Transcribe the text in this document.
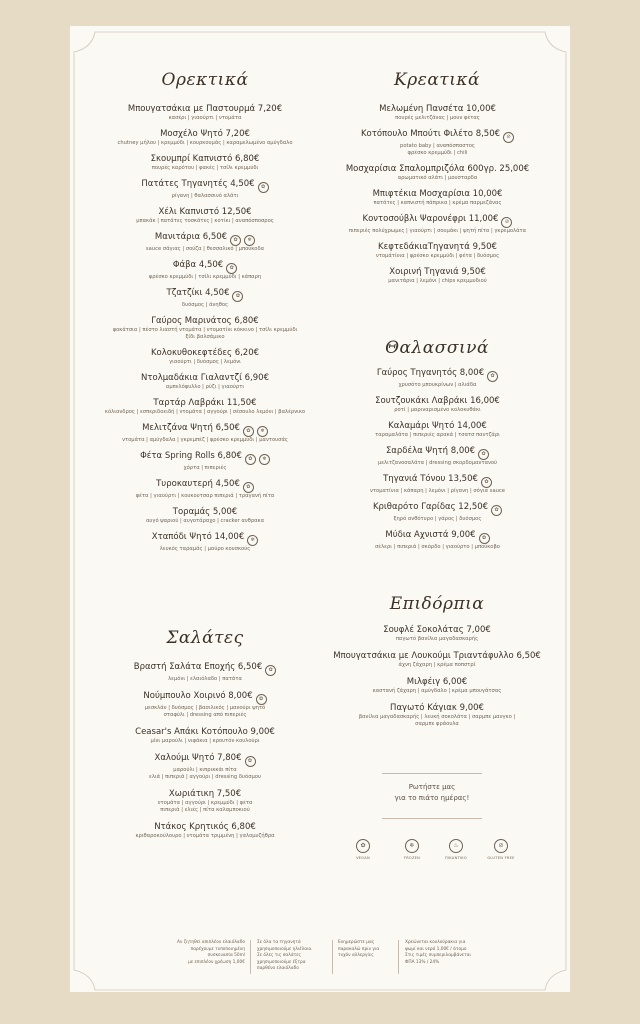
Ορεκτικά
Μπουγατσάκια με Παστουρμά 7,20€
κασέρι | γιαούρτι | ντομάτα
Μοσχέλο Ψητό 7,20€
chutney μήλου | κρεμμύδι | κουρκουμάς | καραμελωμένο αμύγδαλο
Σκουμπρί Καπνιστό 6,80€
πουρές καρότου | φακές | τσίλι κρεμμύδι
Πατάτες Τηγανητές 4,50€ ✿
ρίγανη | θαλασσινό αλάτι
Χέλι Καπνιστό 12,50€
μπακάκ | πατάτες τοσκάτες | κοτίκι | αναπόσποσρος
Μανιτάρια 6,50€ ✿ ❄
sauce σάγιας | σούζα | θεσσαλικό | μπούκοδα
Φάβα 4,50€ ✿
φρέσκο κρεμμύδι | τσίλι κρεμμύδι | κάπαρη
Τζατζίκι 4,50€ ✿
δυόσμος | άνηθος
Γαύρος Μαρινάτος 6,80€
φοκάτσια | πέστο λιαστή ντομάτα | ντοματίνι κόκκινο | τσίλι κρεμμύδι
ξίδι βαλσάμικο
Κολοκυθοκεφτέδες 6,20€
γιαούρτι | δυόσμος | λεμόνι
Ντολμαδάκια Γιαλαντζί 6,90€
αμπελόφυλλο | ρύζι | γιαούρτι
Ταρτάρ Λαβράκι 11,50€
κόλιανδρος | εσπεριδοειδή | ντομάτα | αγγούρι | σέσουλο λεμόνι | βαλέρνικο
Μελιτζάνα Ψητή 6,50€ ✿ ❄
ντομάτα | αμύγδαλα | γκρεμπέζ | φρέσκο κρεμμύδι | μαντουσάς
Φέτα Spring Rolls 6,80€ ✿ ❄
χόρτα | πιπεριές
Τυροκαυτερή 4,50€ ✿
φέτα | γιαούρτι | κουκουτσαρ πιπεριά | τραγανή πίτα
Τοραμάς 5,00€
αυγό ψαριού | αυγοτάραχο | cracker ανθρακα
Χταπόδι Ψητό 14,00€ ❄
λευκός ταραμάς | μαύρο κουσκούς
Κρεατικά
Μελωμένη Πανσέτα 10,00€
πουρές μελιτζάνας | μουν φέτας
Κοτόπουλο Μπούτι Φιλέτο 8,50€ ⊘
potato baby | αναπόσπαστος
φρέσκο κρεμμύδι | chili
Μοσχαρίσια Σπαλομπριζόλα 600γρ. 25,00€
αρωματικό αλάτι | μουσταρδα
Μπιφτέκια Μοσχαρίσια 10,00€
πατάτες | καπνιστή πάπρικα | κρέμα παρμεζάνας
Κοντοσούβλι Ψαρονέφρι 11,00€ ⊘
πιπεριές πολύχρωμες | γιαούρτι | σουμάκι | ψητή πίτα | γκρεμολάτα
ΚεφτεδάκιαΤηγανητά 9,50€
ντομάτίνια | φρέσκο κρεμμύδι | φέτα | δυόσμος
Χοιρινή Τηγανιά 9,50€
μανιτάρια | λεμόνι | chips κρεμμυδιού
Θαλασσινά
Γαύρος Τηγανητός 8,00€ ✿
χρυσότο μπουκρίνων | αλιάδα
Σουτζουκάκι Λαβράκι 16,00€
ροτί | μαριναρισμένο κολοκυθάκι
Καλαμάρι Ψητό 14,00€
ταραμαλάτα | πιπεριές αρακά | τσατσ παντζάρι
Σαρδέλα Ψητή 8,00€ ✿
μελιτζανοσαλάτα | dressing σκορδομαντανού
Τηγανιά Τόνου 13,50€ ✿
ντοματίνια | κάπαρη | λεμόνι | ρίγανη | σόγια sauce
Κριθαρότο Γαρίδας 12,50€ ✿
ξηρό ανθότυρο | γάρος | δυόσμος
Μύδια Αχνιστά 9,00€ ✿
σέλερι | πιπεριά | σκόρδο | γιαούρτο | μπούκοβο
Επιδόρπια
Σουφλέ Σοκολάτας 7,00€
παγωτό βανίλια μαγαδασκαρής
Μπουγατσάκια με Λουκούμι Τριαντάφυλλο 6,50€
άχνη ζάχαρη | κρέμα ποπστρί
Μιλφέιγ 6,00€
καστανή ζάχαρη | αμύγδαλο | κρέμα μπουγάτσας
Παγωτό Κάγιακ 9,00€
βανίλια μαγαδασκαρής | λευκή σοκολάτα | σαρμπε μανγκο |
σαρμπε φράουλα
Σαλάτες
Βραστή Σαλάτα Εποχής 6,50€ ✿
λεμόνι | ελαιόλαδο | πατάτα
Νούμπουλο Χοιρινό 8,00€ ✿
μεσκλάν | δυόσμος | βασιλικός | μανούρι ψητό
σταφύλι | dressing από πιπεριές
Ceasar's Απάκι Κοτόπουλο 9,00€
μίνι μαρούλι | νιφάκια | κρουτόν κουλούρι
Χαλούμι Ψητό 7,80€ ✿
μαρούλι | κιπρικκάι πίτα
ελιά | πιπεριά | αγγούρι | dressing δυόσμου
Χωριάτικη 7,50€
ντομάτα | αγγούρι | κρεμμύδι | φέτα
πιπεριά | ελιές | πίτα καλαμποκιού
Ντάκος Κρητικός 6,80€
κριθαροκούλουρο | ντομάτα τριμμένη | γαλομυζήθρα
Ρωτήστε μας
για το πιάτο ημέρας!
✿
VEGAN
❄
FROZEN
♨
ΠΙΚΑΝΤΙΚΟ
⊘
GLUTEN FREE
Αν ζητηθεί απιπλέον ελαιόλαδο
παρέχουμε τυποποιημένη
συσκευασία 50ml
με επιπλέον χρέωση 1,00€
Σε όλα τα τηγανητά
χρησιμοποιούμε ηλιέλαιο.
Σε όλες τις σαλάτες
χρησιμοποιούμε έξτρα
παρθένο ελαιόλαδο
Ενημερώστε μας
παρακαλώ πριν για
τυχόν αλλεργίες
Χρεώνεται κουλούρακια για
ψωμί και νερό 1,00€ / άτομο
Στις τιμές συμπεριλαμβάνεται
ΦΠΑ 13% / 24%
